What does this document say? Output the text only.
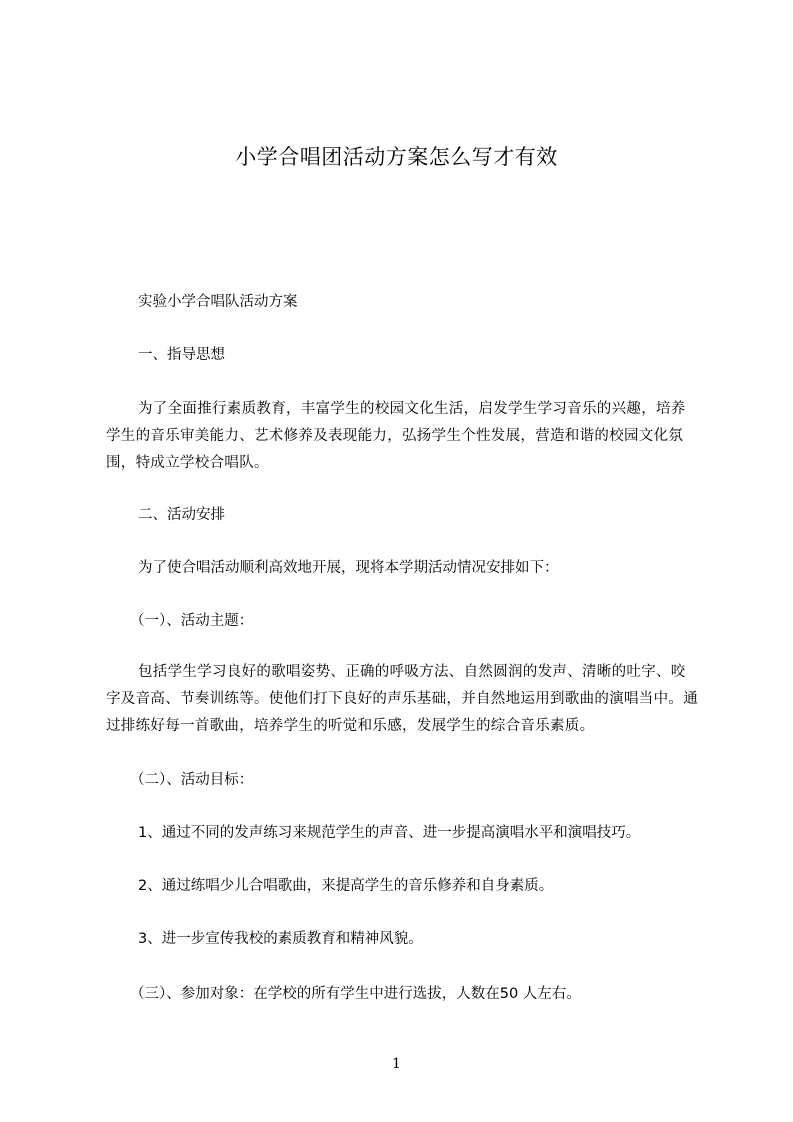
小学合唱团活动方案怎么写才有效
实验小学合唱队活动方案
一、指导思想
为了全面推行素质教育，丰富学生的校园文化生活，启发学生学习音乐的兴趣，培养学生的音乐审美能力、艺术修养及表现能力，弘扬学生个性发展，营造和谐的校园文化氛围，特成立学校合唱队。
二、活动安排
为了使合唱活动顺利高效地开展，现将本学期活动情况安排如下：
（一）、活动主题：
包括学生学习良好的歌唱姿势、正确的呼吸方法、自然圆润的发声、清晰的吐字、咬字及音高、节奏训练等。使他们打下良好的声乐基础，并自然地运用到歌曲的演唱当中。通过排练好每一首歌曲，培养学生的听觉和乐感，发展学生的综合音乐素质。
（二）、活动目标：
1、通过不同的发声练习来规范学生的声音、进一步提高演唱水平和演唱技巧。
2、通过练唱少儿合唱歌曲，来提高学生的音乐修养和自身素质。
3、进一步宣传我校的素质教育和精神风貌。
（三）、参加对象：在学校的所有学生中进行选拔，人数在50 人左右。
1
